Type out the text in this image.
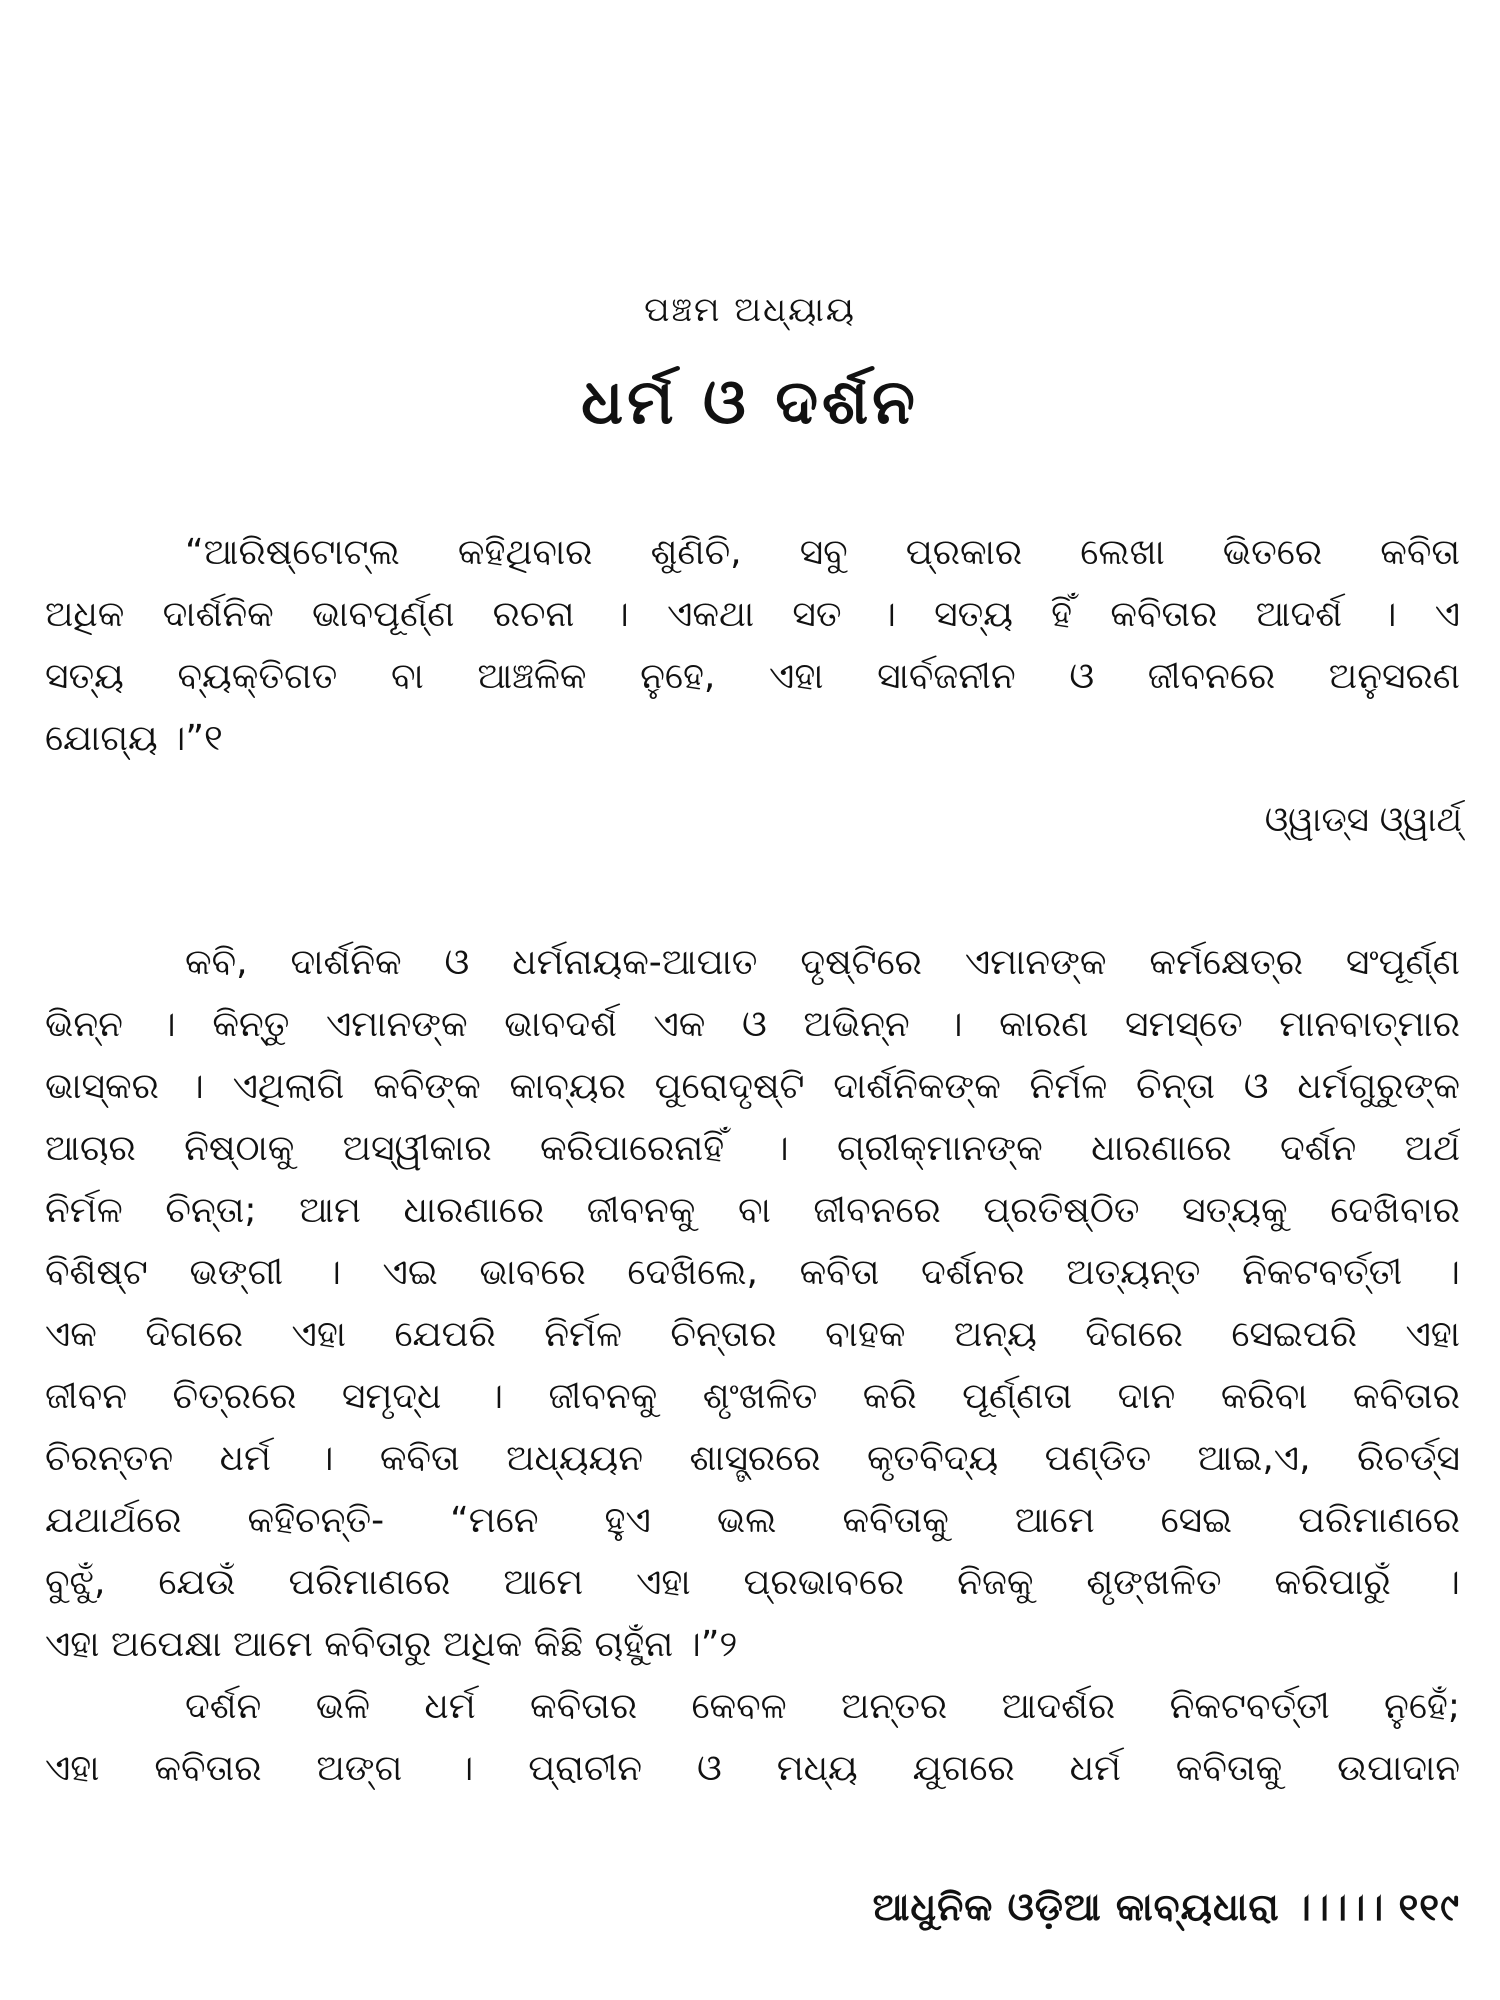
ପଞ୍ଚମ ଅଧ୍ୟାୟ
ଧର୍ମ ଓ ଦର୍ଶନ
“ଆରିଷ୍ଟୋଟ୍‌ଲ କହିଥିବାର ଶୁଣିଚି, ସବୁ ପ୍ରକାର ଲେଖା ଭିତରେ କବିତା
ଅଧିକ ଦାର୍ଶନିକ ଭାବପୂର୍ଣ୍ଣ ରଚନା । ଏକଥା ସତ । ସତ୍ୟ ହିଁ କବିତାର ଆଦର୍ଶ । ଏ
ସତ୍ୟ ବ୍ୟକ୍ତିଗତ ବା ଆଞ୍ଚଳିକ ନୁହେ, ଏହା ସାର୍ବଜନୀନ ଓ ଜୀବନରେ ଅନୁସରଣ
ଯୋଗ୍ୟ ।”୧
ଓ୍ୱାଡ୍‌ସ ଓ୍ୱାର୍ଥ୍
କବି, ଦାର୍ଶନିକ ଓ ଧର୍ମନାୟକ-ଆପାତ ଦୃଷ୍ଟିରେ ଏମାନଙ୍କ କର୍ମକ୍ଷେତ୍ର ସଂପୂର୍ଣ୍ଣ
ଭିନ୍ନ । କିନ୍ତୁ ଏମାନଙ୍କ ଭାବଦର୍ଶ ଏକ ଓ ଅଭିନ୍ନ । କାରଣ ସମସ୍ତେ ମାନବାତ୍ମାର
ଭାସ୍କର । ଏଥିଲାଗି କବିଙ୍କ କାବ୍ୟର ପୁରୋଦୃଷ୍ଟି ଦାର୍ଶନିକଙ୍କ ନିର୍ମଳ ଚିନ୍ତା ଓ ଧର୍ମଗୁରୁଙ୍କ
ଆଚାର ନିଷ୍ଠାକୁ ଅସ୍ୱୀକାର କରିପାରେନାହିଁ । ଗ୍ରୀକ୍‌ମାନଙ୍କ ଧାରଣାରେ ଦର୍ଶନ ଅର୍ଥ
ନିର୍ମଳ ଚିନ୍ତା; ଆମ ଧାରଣାରେ ଜୀବନକୁ ବା ଜୀବନରେ ପ୍ରତିଷ୍ଠିତ ସତ୍ୟକୁ ଦେଖିବାର
ବିଶିଷ୍ଟ ଭଙ୍ଗୀ । ଏଇ ଭାବରେ ଦେଖିଲେ, କବିତା ଦର୍ଶନର ଅତ୍ୟନ୍ତ ନିକଟବର୍ତ୍ତୀ ।
ଏକ ଦିଗରେ ଏହା ଯେପରି ନିର୍ମଳ ଚିନ୍ତାର ବାହକ ଅନ୍ୟ ଦିଗରେ ସେଇପରି ଏହା
ଜୀବନ ଚିତ୍ରରେ ସମୃଦ୍ଧ । ଜୀବନକୁ ଶୃଂଖଳିତ କରି ପୂର୍ଣ୍ଣତା ଦାନ କରିବା କବିତାର
ଚିରନ୍ତନ ଧର୍ମ । କବିତା ଅଧ୍ୟୟନ ଶାସ୍ତ୍ରରେ କୃତବିଦ୍ୟ ପଣ୍ଡିତ ଆଇ,ଏ, ରିଚର୍ଡ୍‌ସ
ଯଥାର୍ଥରେ କହିଚନ୍ତି- “ମନେ ହୁଏ ଭଲ କବିତାକୁ ଆମେ ସେଇ ପରିମାଣରେ
ବୁଝୁଁ, ଯେଉଁ ପରିମାଣରେ ଆମେ ଏହା ପ୍ରଭାବରେ ନିଜକୁ ଶୃଙ୍ଖଳିତ କରିପାରୁଁ ।
ଏହା ଅପେକ୍ଷା ଆମେ କବିତାରୁ ଅଧିକ କିଛି ଚାହୁଁନା ।”୨
ଦର୍ଶନ ଭଳି ଧର୍ମ କବିତାର କେବଳ ଅନ୍ତର ଆଦର୍ଶର ନିକଟବର୍ତ୍ତୀ ନୁହେଁ;
ଏହା କବିତାର ଅଙ୍ଗ । ପ୍ରାଚୀନ ଓ ମଧ୍ୟ ଯୁଗରେ ଧର୍ମ କବିତାକୁ ଉପାଦାନ
ଆଧୁନିକ ଓଡ଼ିଆ କାବ୍ୟଧାରା ।।।।। ୧୧୯
